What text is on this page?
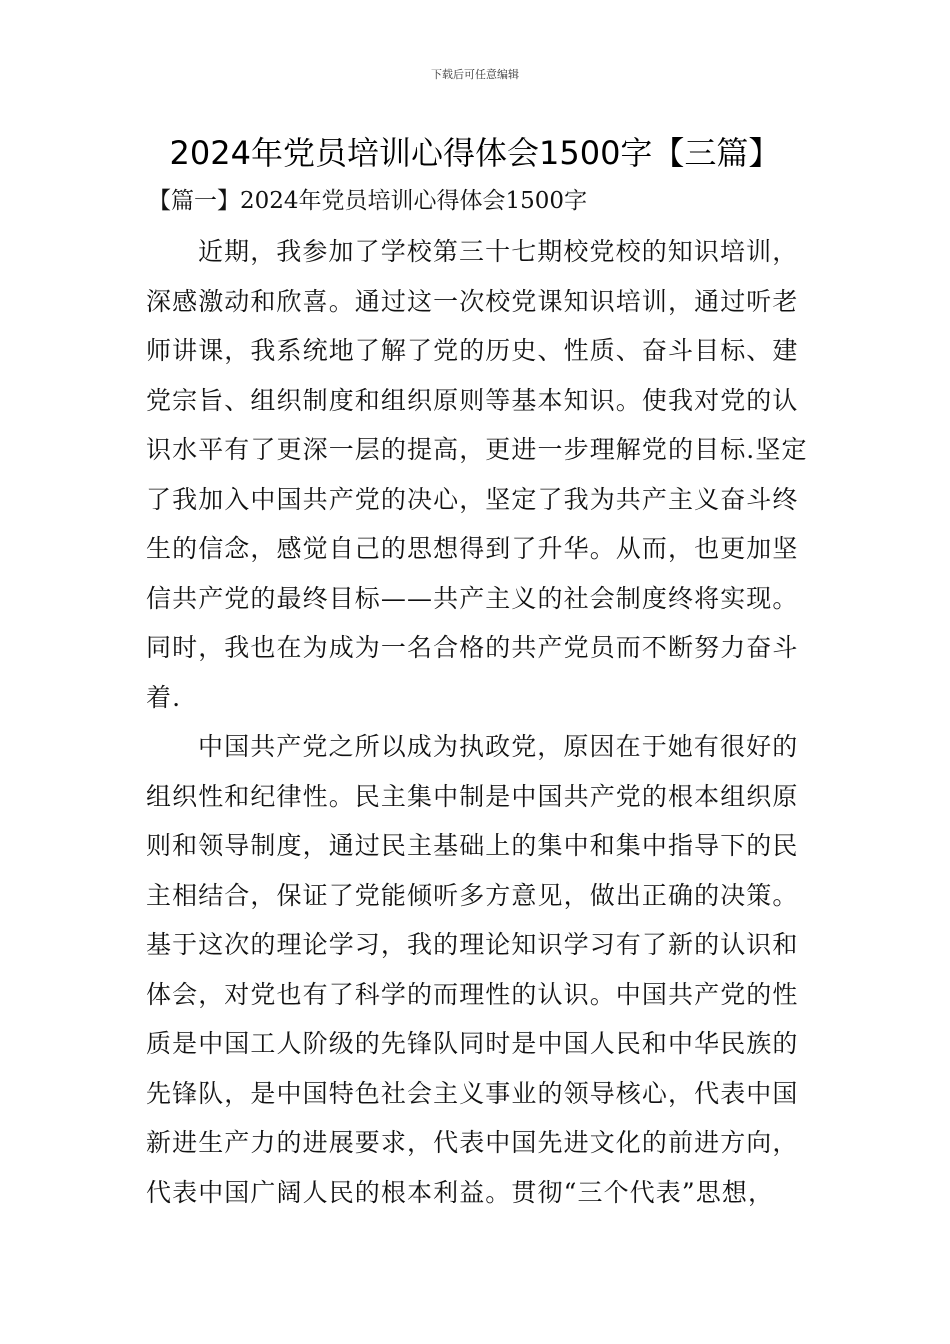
下载后可任意编辑
2024年党员培训心得体会1500字【三篇】
【篇一】2024年党员培训心得体会1500字
近期，我参加了学校第三十七期校党校的知识培训，
深感激动和欣喜。通过这一次校党课知识培训，通过听老
师讲课，我系统地了解了党的历史、性质、奋斗目标、建
党宗旨、组织制度和组织原则等基本知识。使我对党的认
识水平有了更深一层的提高，更进一步理解党的目标.坚定
了我加入中国共产党的决心，坚定了我为共产主义奋斗终
生的信念，感觉自己的思想得到了升华。从而，也更加坚
信共产党的最终目标——共产主义的社会制度终将实现。
同时，我也在为成为一名合格的共产党员而不断努力奋斗
着.
中国共产党之所以成为执政党，原因在于她有很好的
组织性和纪律性。民主集中制是中国共产党的根本组织原
则和领导制度，通过民主基础上的集中和集中指导下的民
主相结合，保证了党能倾听多方意见，做出正确的决策。
基于这次的理论学习，我的理论知识学习有了新的认识和
体会，对党也有了科学的而理性的认识。中国共产党的性
质是中国工人阶级的先锋队同时是中国人民和中华民族的
先锋队，是中国特色社会主义事业的领导核心，代表中国
新进生产力的进展要求，代表中国先进文化的前进方向，
代表中国广阔人民的根本利益。贯彻“三个代表”思想，
